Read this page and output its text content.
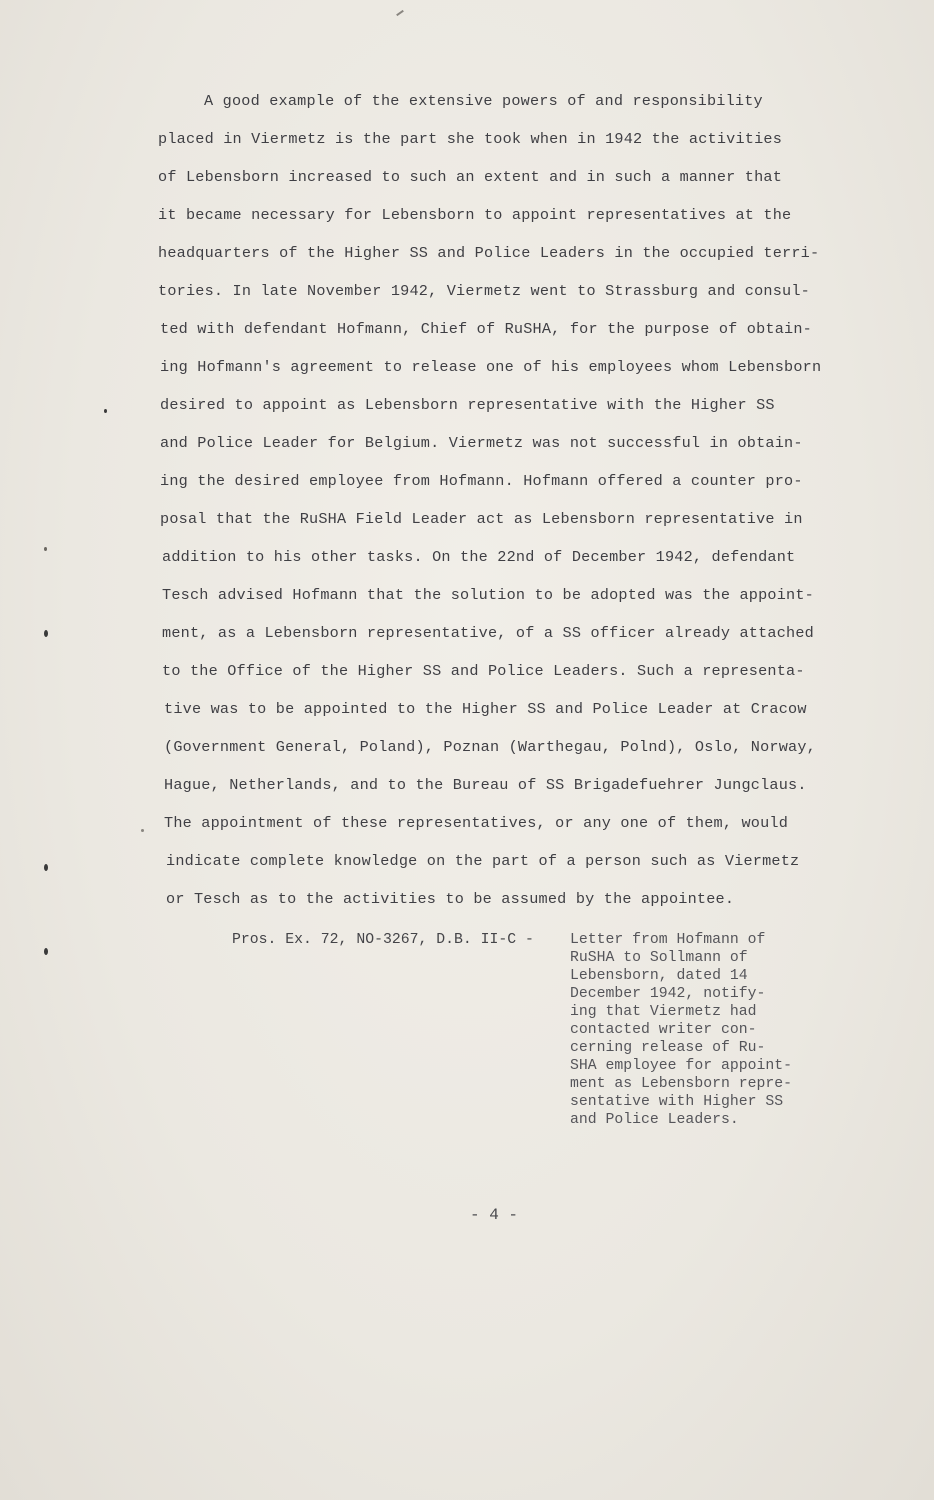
A good example of the extensive powers of and responsibility
placed in Viermetz is the part she took when in 1942 the activities
of Lebensborn increased to such an extent and in such a manner that
it became necessary for Lebensborn to appoint representatives at the
headquarters of the Higher SS and Police Leaders in the occupied terri-
tories. In late November 1942, Viermetz went to Strassburg and consul-
ted with defendant Hofmann, Chief of RuSHA, for the purpose of obtain-
ing Hofmann's agreement to release one of his employees whom Lebensborn
desired to appoint as Lebensborn representative with the Higher SS
and Police Leader for Belgium. Viermetz was not successful in obtain-
ing the desired employee from Hofmann. Hofmann offered a counter pro-
posal that the RuSHA Field Leader act as Lebensborn representative in
addition to his other tasks. On the 22nd of December 1942, defendant
Tesch advised Hofmann that the solution to be adopted was the appoint-
ment, as a Lebensborn representative, of a SS officer already attached
to the Office of the Higher SS and Police Leaders. Such a representa-
tive was to be appointed to the Higher SS and Police Leader at Cracow
(Government General, Poland), Poznan (Warthegau, Polnd), Oslo, Norway,
Hague, Netherlands, and to the Bureau of SS Brigadefuehrer Jungclaus.
The appointment of these representatives, or any one of them, would
indicate complete knowledge on the part of a person such as Viermetz
or Tesch as to the activities to be assumed by the appointee.
Pros. Ex. 72, NO-3267, D.B. II-C - Letter from Hofmann of
RuSHA to Sollmann of
Lebensborn, dated 14
December 1942, notify-
ing that Viermetz had
contacted writer con-
cerning release of Ru-
SHA employee for appoint-
ment as Lebensborn repre-
sentative with Higher SS
and Police Leaders.
- 4 -
